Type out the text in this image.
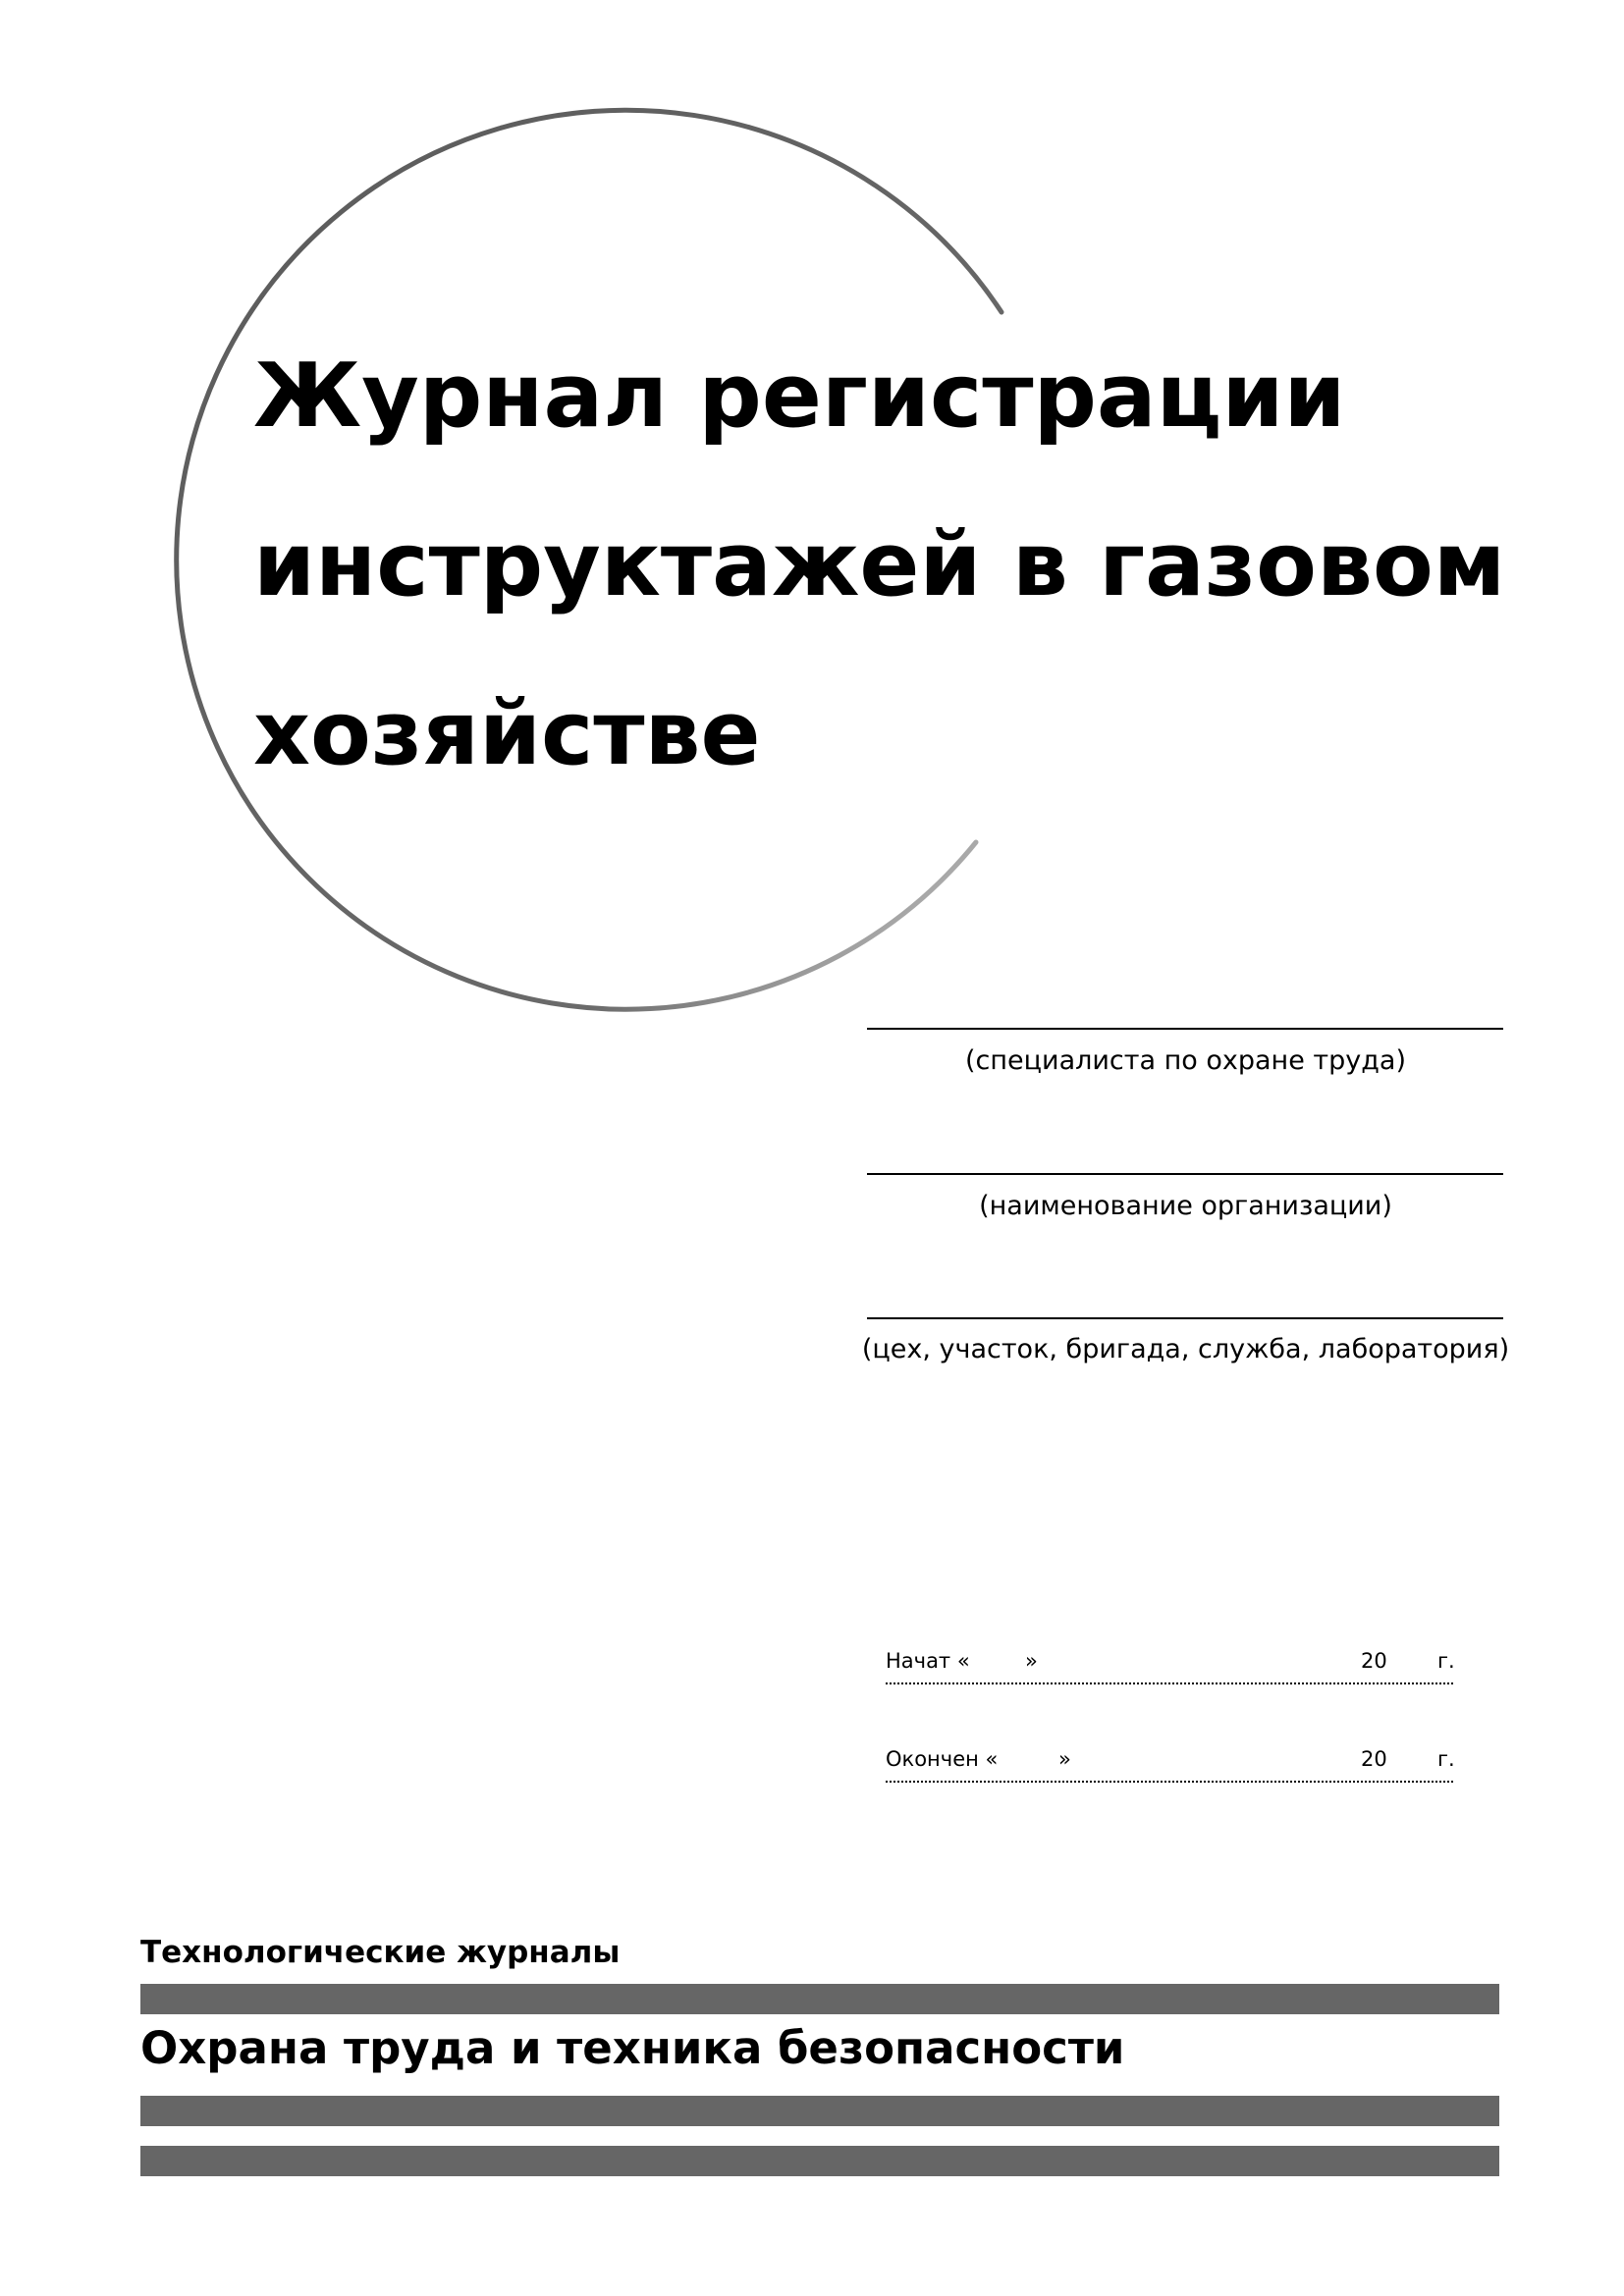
Журнал регистрации
инструктажей в газовом
хозяйстве
(специалиста по охране труда)
(наименование организации)
(цех, участок, бригада, служба, лаборатория)
Начат «	»	20 г.
Окончен «	»	20 г.
Технологические журналы
Охрана труда и техника безопасности
